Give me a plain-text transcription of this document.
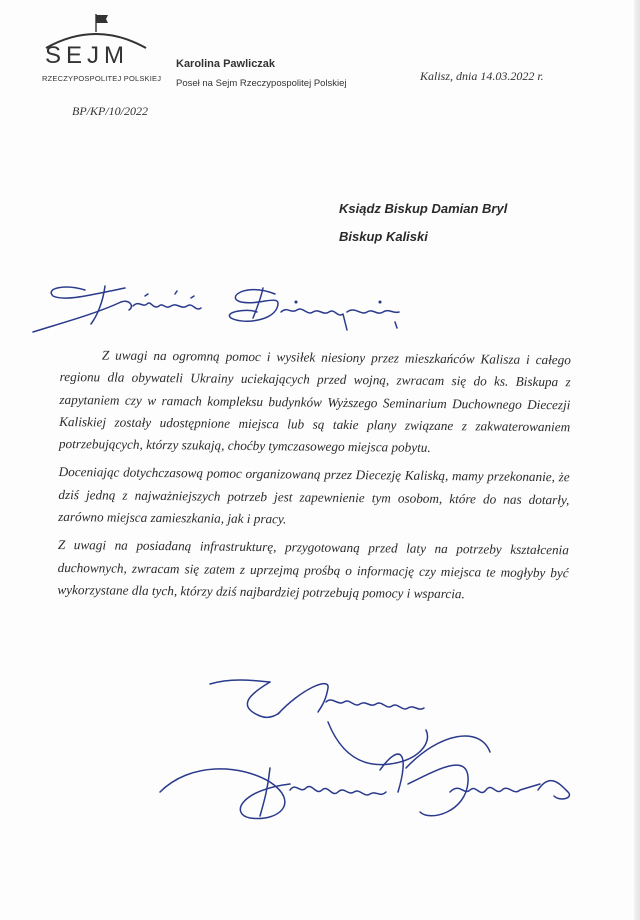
SEJM
RZECZYPOSPOLITEJ POLSKIEJ
Karolina Pawliczak
Poseł na Sejm Rzeczypospolitej Polskiej
Kalisz, dnia 14.03.2022 r.
BP/KP/10/2022
Ksiądz Biskup Damian Bryl
Biskup Kaliski

Z uwagi na ogromną pomoc i wysiłek niesiony przez mieszkańców Kalisza i całego regionu dla obywateli Ukrainy uciekających przed wojną, zwracam się do ks. Biskupa z zapytaniem czy w ramach kompleksu budynków Wyższego Seminarium Duchownego Diecezji Kaliskiej zostały udostępnione miejsca lub są takie plany związane z zakwaterowaniem potrzebujących, którzy szukają, choćby tymczasowego miejsca pobytu.

Doceniając dotychczasową pomoc organizowaną przez Diecezję Kaliską, mamy przekonanie, że dziś jedną z najważniejszych potrzeb jest zapewnienie tym osobom, które do nas dotarły, zarówno miejsca zamieszkania, jak i pracy.

Z uwagi na posiadaną infrastrukturę, przygotowaną przed laty na potrzeby kształcenia duchownych, zwracam się zatem z uprzejmą prośbą o informację czy miejsca te mogłyby być wykorzystane dla tych, którzy dziś najbardziej potrzebują pomocy i wsparcia.
